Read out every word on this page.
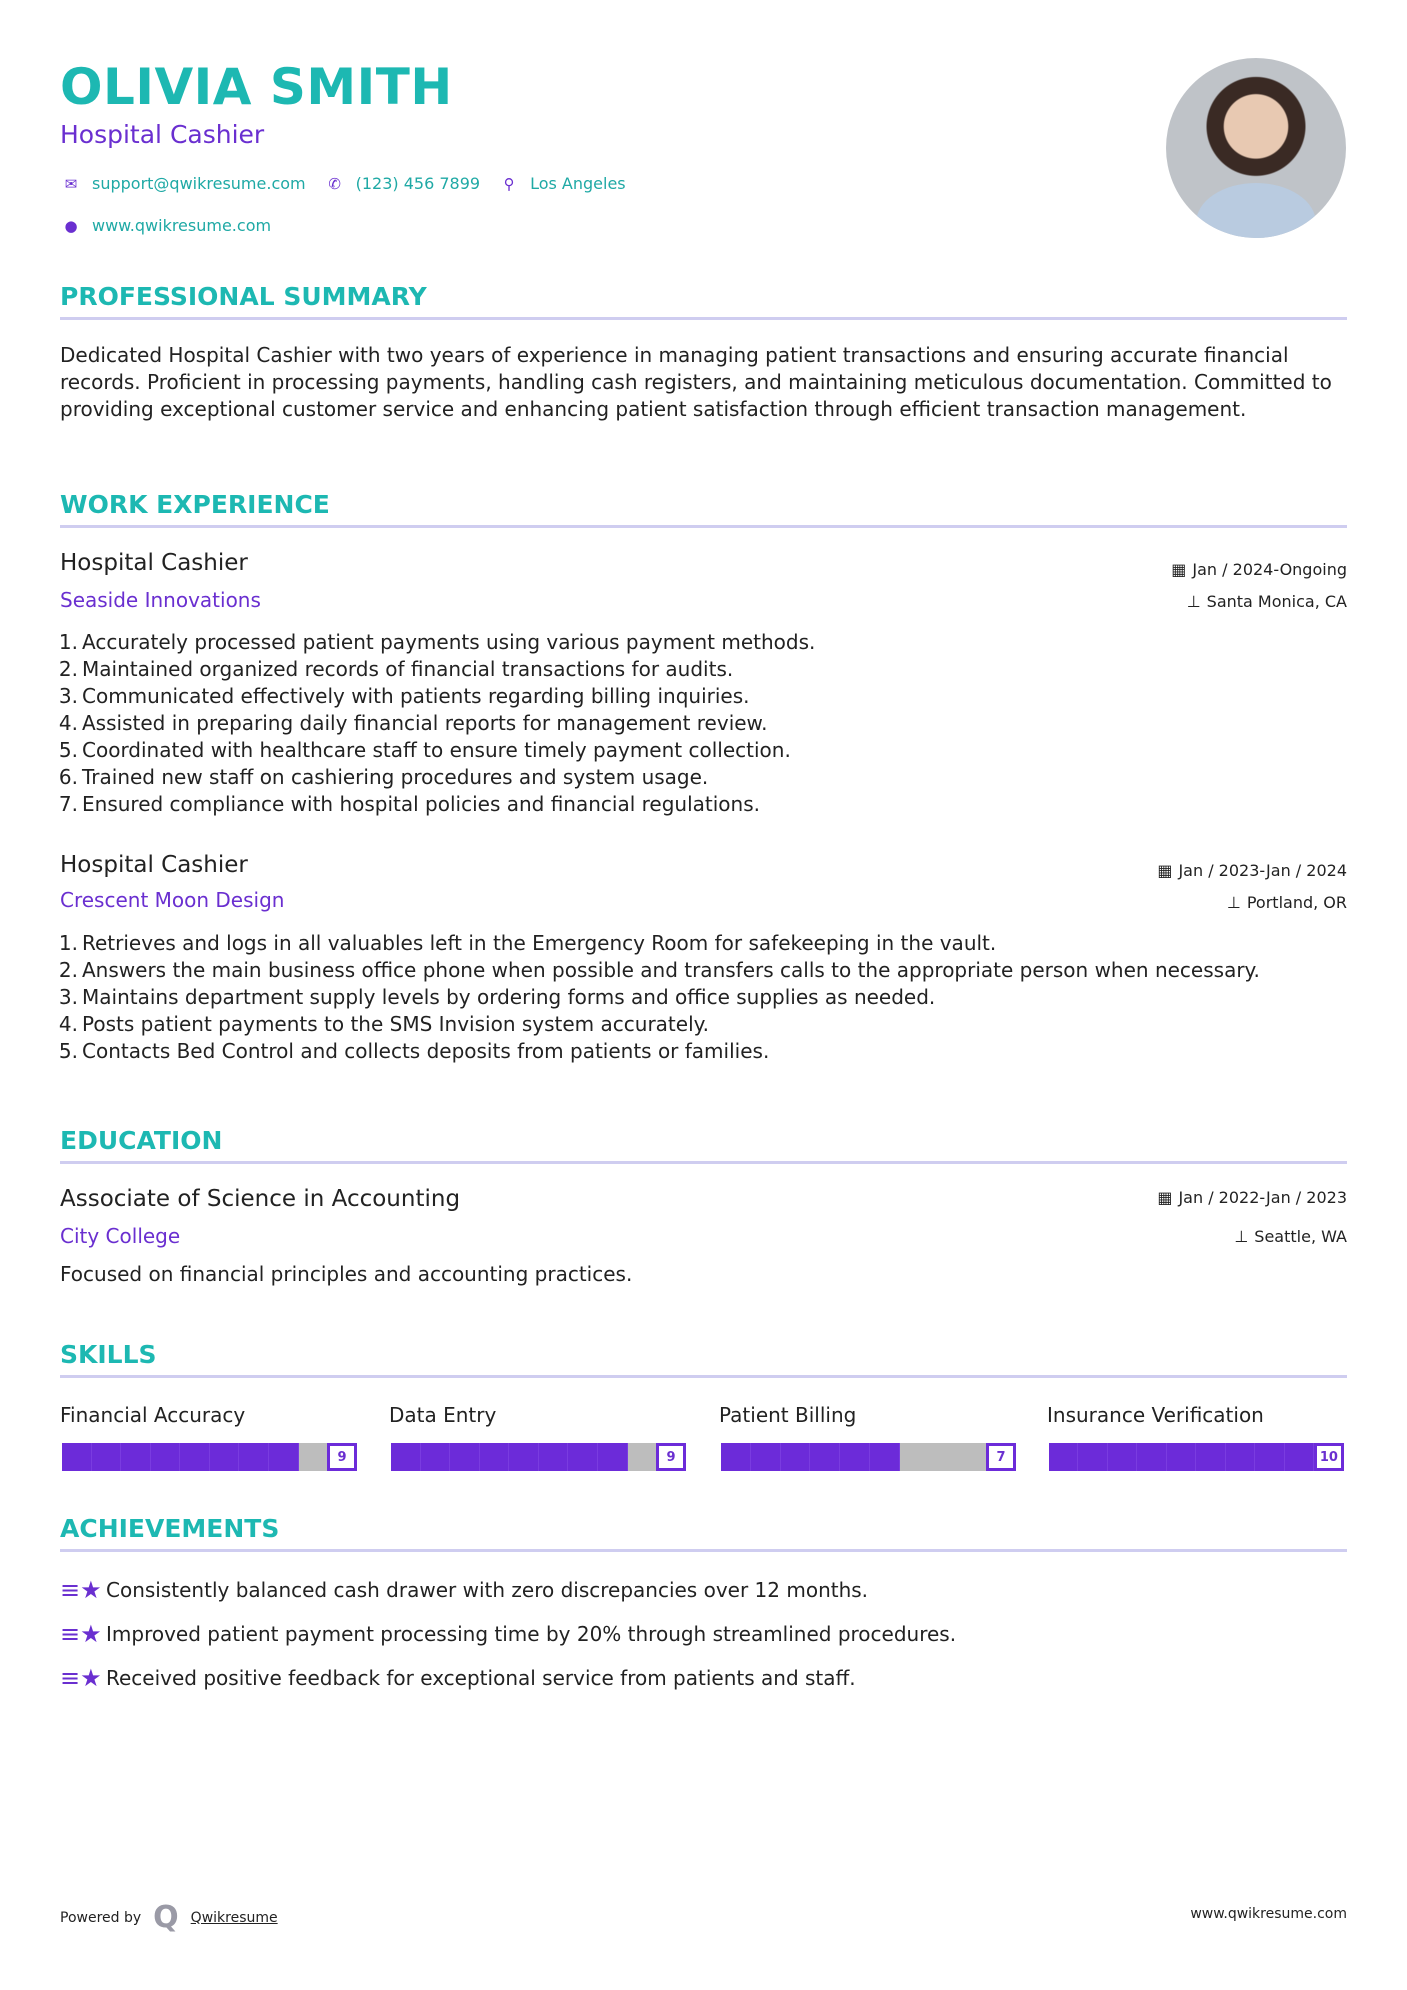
OLIVIA SMITH
Hospital Cashier
✉ support@qwikresume.com	✆ (123) 456 7899	⚲ Los Angeles
● www.qwikresume.com
PROFESSIONAL SUMMARY
Dedicated Hospital Cashier with two years of experience in managing patient transactions and ensuring accurate financial records. Proficient in processing payments, handling cash registers, and maintaining meticulous documentation. Committed to providing exceptional customer service and enhancing patient satisfaction through efficient transaction management.
WORK EXPERIENCE
Hospital Cashier
Seaside Innovations
▦ Jan / 2024-Ongoing
⊥ Santa Monica, CA
1. Accurately processed patient payments using various payment methods.
2. Maintained organized records of financial transactions for audits.
3. Communicated effectively with patients regarding billing inquiries.
4. Assisted in preparing daily financial reports for management review.
5. Coordinated with healthcare staff to ensure timely payment collection.
6. Trained new staff on cashiering procedures and system usage.
7. Ensured compliance with hospital policies and financial regulations.
Hospital Cashier
Crescent Moon Design
▦ Jan / 2023-Jan / 2024
⊥ Portland, OR
1. Retrieves and logs in all valuables left in the Emergency Room for safekeeping in the vault.
2. Answers the main business office phone when possible and transfers calls to the appropriate person when necessary.
3. Maintains department supply levels by ordering forms and office supplies as needed.
4. Posts patient payments to the SMS Invision system accurately.
5. Contacts Bed Control and collects deposits from patients or families.
EDUCATION
Associate of Science in Accounting
City College
Focused on financial principles and accounting practices.
▦ Jan / 2022-Jan / 2023
⊥ Seattle, WA
SKILLS
Financial Accuracy
9
Data Entry
9
Patient Billing
7
Insurance Verification
10
ACHIEVEMENTS
≡★ Consistently balanced cash drawer with zero discrepancies over 12 months.
≡★ Improved patient payment processing time by 20% through streamlined procedures.
≡★ Received positive feedback for exceptional service from patients and staff.
Powered by Q Qwikresume	www.qwikresume.com
